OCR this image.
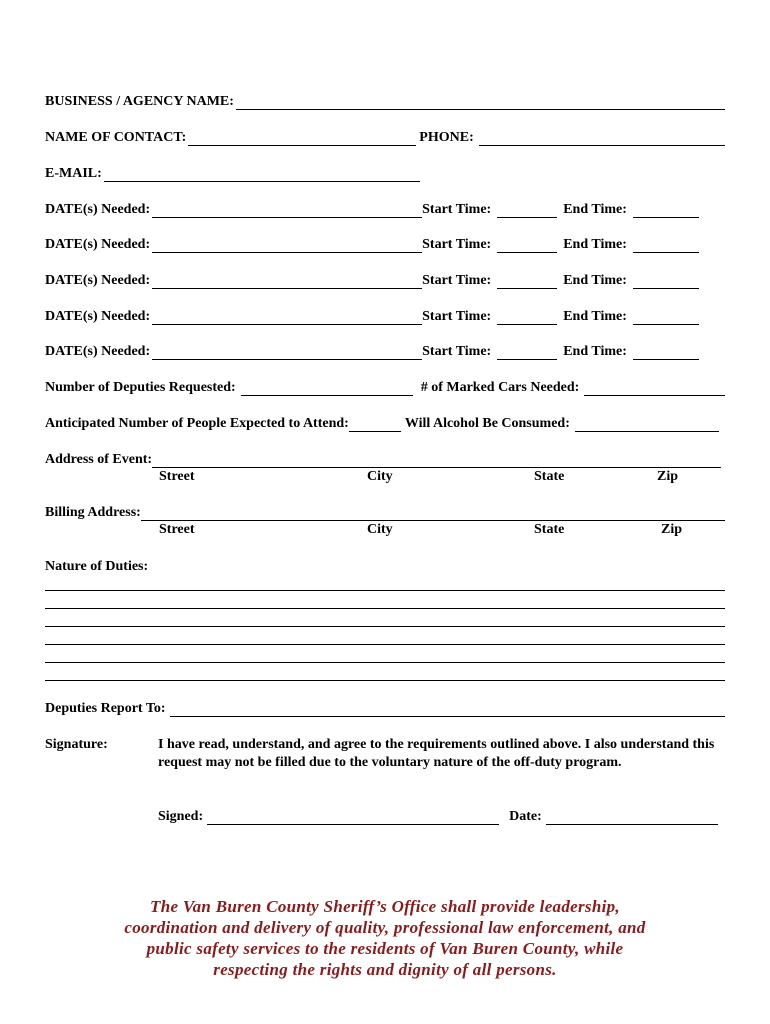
BUSINESS / AGENCY NAME:
NAME OF CONTACT:	PHONE:
E-MAIL:
DATE(s) Needed:	Start Time:	End Time:
DATE(s) Needed:	Start Time:	End Time:
DATE(s) Needed:	Start Time:	End Time:
DATE(s) Needed:	Start Time:	End Time:
DATE(s) Needed:	Start Time:	End Time:
Number of Deputies Requested:	# of Marked Cars Needed:
Anticipated Number of People Expected to Attend:	Will Alcohol Be Consumed:
Address of Event:
Street	City	State	Zip
Billing Address:
Street	City	State	Zip
Nature of Duties:
Deputies Report To:
Signature:	I have read, understand, and agree to the requirements outlined above. I also understand this request may not be filled due to the voluntary nature of the off-duty program.
Signed:	Date:
The Van Buren County Sheriff’s Office shall provide leadership,
coordination and delivery of quality, professional law enforcement, and
public safety services to the residents of Van Buren County, while
respecting the rights and dignity of all persons.
